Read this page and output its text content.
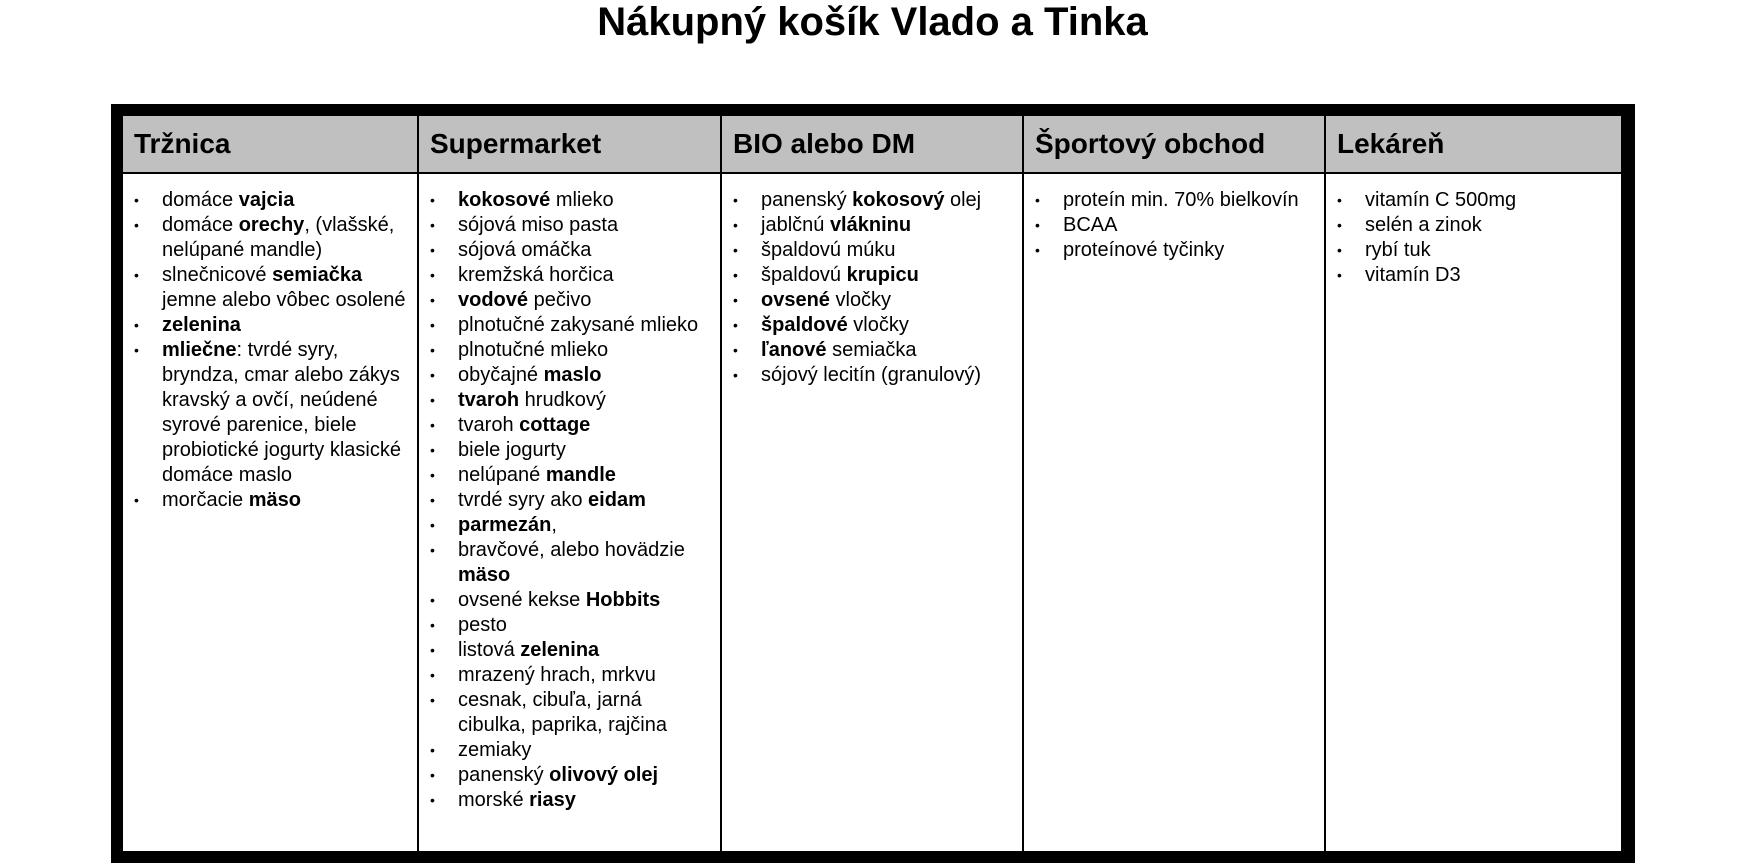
Nákupný košík Vlado a Tinka
Tržnica
• domáce vajcia
• domáce orechy, (vlašské, nelúpané mandle)
• slnečnicové semiačka jemne alebo vôbec osolené
• zelenina
• mliečne: tvrdé syry, bryndza, cmar alebo zákys kravský a ovčí, neúdené syrové parenice, biele probiotické jogurty klasické domáce maslo
• morčacie mäso
Supermarket
• kokosové mlieko
• sójová miso pasta
• sójová omáčka
• kremžská horčica
• vodové pečivo
• plnotučné zakysané mlieko
• plnotučné mlieko
• obyčajné maslo
• tvaroh hrudkový
• tvaroh cottage
• biele jogurty
• nelúpané mandle
• tvrdé syry ako eidam
• parmezán,
• bravčové, alebo hovädzie mäso
• ovsené kekse Hobbits
• pesto
• listová zelenina
• mrazený hrach, mrkvu
• cesnak, cibuľa, jarná cibulka, paprika, rajčina
• zemiaky
• panenský olivový olej
• morské riasy
BIO alebo DM
• panenský kokosový olej
• jablčnú vlákninu
• špaldovú múku
• špaldovú krupicu
• ovsené vločky
• špaldové vločky
• ľanové semiačka
• sójový lecitín (granulový)
Športový obchod
• proteín min. 70% bielkovín
• BCAA
• proteínové tyčinky
Lekáreň
• vitamín C 500mg
• selén a zinok
• rybí tuk
• vitamín D3
